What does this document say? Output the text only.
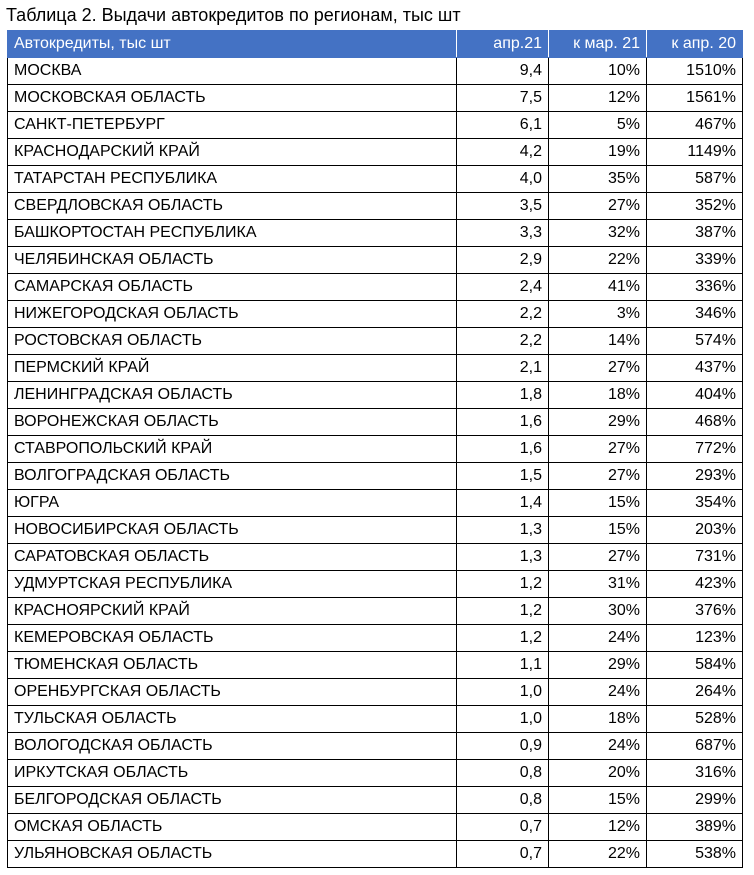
Таблица 2. Выдачи автокредитов по регионам, тыс шт
Автокредиты, тыс шт	апр.21	к мар. 21	к апр. 20
МОСКВА	9,4	10%	1510%
МОСКОВСКАЯ ОБЛАСТЬ	7,5	12%	1561%
САНКТ-ПЕТЕРБУРГ	6,1	5%	467%
КРАСНОДАРСКИЙ КРАЙ	4,2	19%	1149%
ТАТАРСТАН РЕСПУБЛИКА	4,0	35%	587%
СВЕРДЛОВСКАЯ ОБЛАСТЬ	3,5	27%	352%
БАШКОРТОСТАН РЕСПУБЛИКА	3,3	32%	387%
ЧЕЛЯБИНСКАЯ ОБЛАСТЬ	2,9	22%	339%
САМАРСКАЯ ОБЛАСТЬ	2,4	41%	336%
НИЖЕГОРОДСКАЯ ОБЛАСТЬ	2,2	3%	346%
РОСТОВСКАЯ ОБЛАСТЬ	2,2	14%	574%
ПЕРМСКИЙ КРАЙ	2,1	27%	437%
ЛЕНИНГРАДСКАЯ ОБЛАСТЬ	1,8	18%	404%
ВОРОНЕЖСКАЯ ОБЛАСТЬ	1,6	29%	468%
СТАВРОПОЛЬСКИЙ КРАЙ	1,6	27%	772%
ВОЛГОГРАДСКАЯ ОБЛАСТЬ	1,5	27%	293%
ЮГРА	1,4	15%	354%
НОВОСИБИРСКАЯ ОБЛАСТЬ	1,3	15%	203%
САРАТОВСКАЯ ОБЛАСТЬ	1,3	27%	731%
УДМУРТСКАЯ РЕСПУБЛИКА	1,2	31%	423%
КРАСНОЯРСКИЙ КРАЙ	1,2	30%	376%
КЕМЕРОВСКАЯ ОБЛАСТЬ	1,2	24%	123%
ТЮМЕНСКАЯ ОБЛАСТЬ	1,1	29%	584%
ОРЕНБУРГСКАЯ ОБЛАСТЬ	1,0	24%	264%
ТУЛЬСКАЯ ОБЛАСТЬ	1,0	18%	528%
ВОЛОГОДСКАЯ ОБЛАСТЬ	0,9	24%	687%
ИРКУТСКАЯ ОБЛАСТЬ	0,8	20%	316%
БЕЛГОРОДСКАЯ ОБЛАСТЬ	0,8	15%	299%
ОМСКАЯ ОБЛАСТЬ	0,7	12%	389%
УЛЬЯНОВСКАЯ ОБЛАСТЬ	0,7	22%	538%
